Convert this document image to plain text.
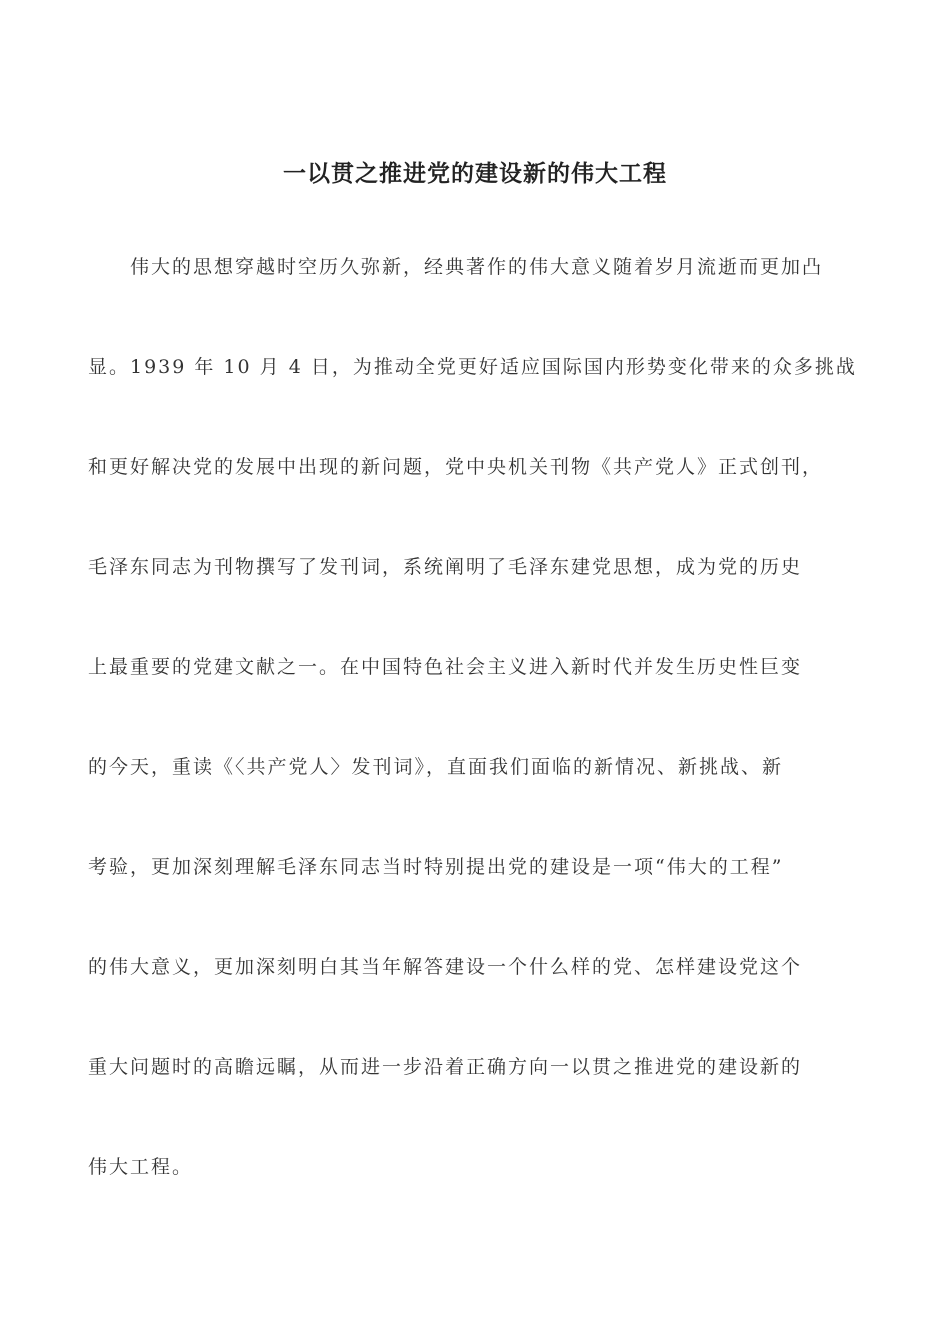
一以贯之推进党的建设新的伟大工程
　　伟大的思想穿越时空历久弥新，经典著作的伟大意义随着岁月流逝而更加凸
显。1939 年 10 月 4 日，为推动全党更好适应国际国内形势变化带来的众多挑战
和更好解决党的发展中出现的新问题，党中央机关刊物《共产党人》正式创刊，
毛泽东同志为刊物撰写了发刊词，系统阐明了毛泽东建党思想，成为党的历史
上最重要的党建文献之一。在中国特色社会主义进入新时代并发生历史性巨变
的今天，重读《〈共产党人〉发刊词》，直面我们面临的新情况、新挑战、新
考验，更加深刻理解毛泽东同志当时特别提出党的建设是一项“伟大的工程”
的伟大意义，更加深刻明白其当年解答建设一个什么样的党、怎样建设党这个
重大问题时的高瞻远瞩，从而进一步沿着正确方向一以贯之推进党的建设新的
伟大工程。
